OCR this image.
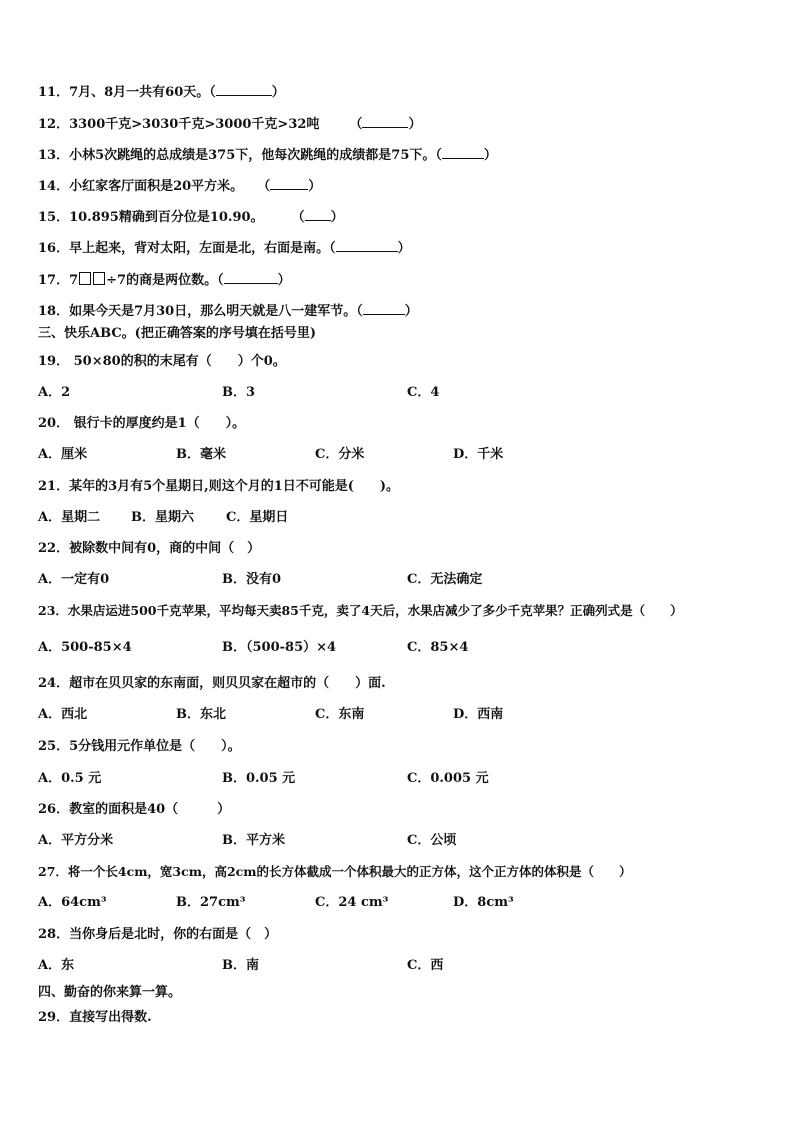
11．7月、8月一共有60天。（	）
12．3300千克>3030千克>3000千克>32吨 （	）
13．小林5次跳绳的总成绩是375下，他每次跳绳的成绩都是75下。（	）
14．小红家客厅面积是20平方米。 （	）
15．10.895精确到百分位是10.90。 （ ）
16．早上起来，背对太阳，左面是北，右面是南。（	）
17．7 ÷7的商是两位数。（	）
18．如果今天是7月30日，那么明天就是八一建军节。（	）
三、快乐ABC。(把正确答案的序号填在括号里)
19． 50×80的积的末尾有（　　）个0。
A．2	B．3	C．4
20． 银行卡的厚度约是1（　　）。
A．厘米	B．毫米	C．分米	D．千米
21．某年的3月有5个星期日,则这个月的1日不可能是(　　)。
A．星期二 B．星期六 C．星期日
22．被除数中间有0，商的中间（　）
A．一定有0	B．没有0	C．无法确定
23．水果店运进500千克苹果，平均每天卖85千克，卖了4天后，水果店减少了多少千克苹果？正确列式是（　　）
A．500-85×4	B．（500-85）×4	C．85×4
24．超市在贝贝家的东南面，则贝贝家在超市的（　　）面.
A．西北	B．东北	C．东南	D．西南
25．5分钱用元作单位是（　　）。
A．0.5 元	B．0.05 元	C．0.005 元
26．教室的面积是40（　　　）
A．平方分米	B．平方米	C．公顷
27．将一个长4cm，宽3cm，高2cm的长方体截成一个体积最大的正方体，这个正方体的体积是（　　）
A．64cm³	B．27cm³	C．24 cm³	D．8cm³
28．当你身后是北时，你的右面是（　）
A．东	B．南	C．西
四、勤奋的你来算一算。
29．直接写出得数.
